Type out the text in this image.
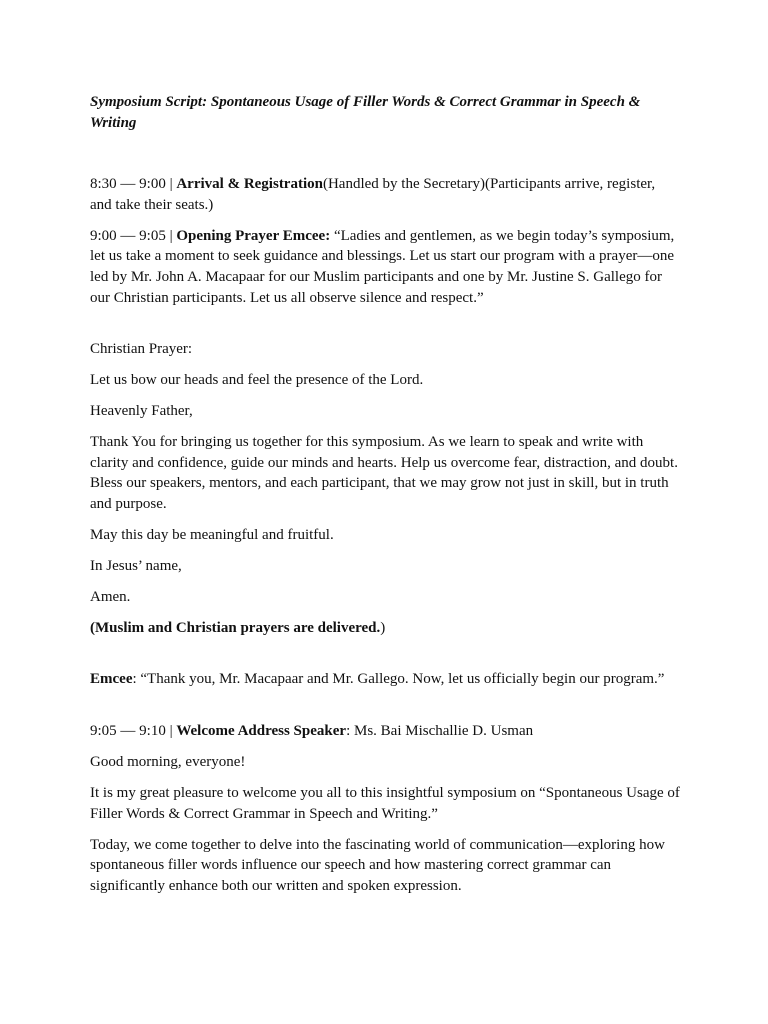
Symposium Script: Spontaneous Usage of Filler Words & Correct Grammar in Speech & Writing

8:30 — 9:00 | Arrival & Registration(Handled by the Secretary)(Participants arrive, register, and take their seats.)

9:00 — 9:05 | Opening Prayer Emcee: “Ladies and gentlemen, as we begin today’s symposium, let us take a moment to seek guidance and blessings. Let us start our program with a prayer—one led by Mr. John A. Macapaar for our Muslim participants and one by Mr. Justine S. Gallego for our Christian participants. Let us all observe silence and respect.”

Christian Prayer:

Let us bow our heads and feel the presence of the Lord.

Heavenly Father,

Thank You for bringing us together for this symposium. As we learn to speak and write with clarity and confidence, guide our minds and hearts. Help us overcome fear, distraction, and doubt. Bless our speakers, mentors, and each participant, that we may grow not just in skill, but in truth and purpose.

May this day be meaningful and fruitful.

In Jesus’ name,

Amen.

(Muslim and Christian prayers are delivered.)

Emcee: “Thank you, Mr. Macapaar and Mr. Gallego. Now, let us officially begin our program.”

9:05 — 9:10 | Welcome Address Speaker: Ms. Bai Mischallie D. Usman

Good morning, everyone!

It is my great pleasure to welcome you all to this insightful symposium on “Spontaneous Usage of Filler Words & Correct Grammar in Speech and Writing.”

Today, we come together to delve into the fascinating world of communication—exploring how spontaneous filler words influence our speech and how mastering correct grammar can significantly enhance both our written and spoken expression.
